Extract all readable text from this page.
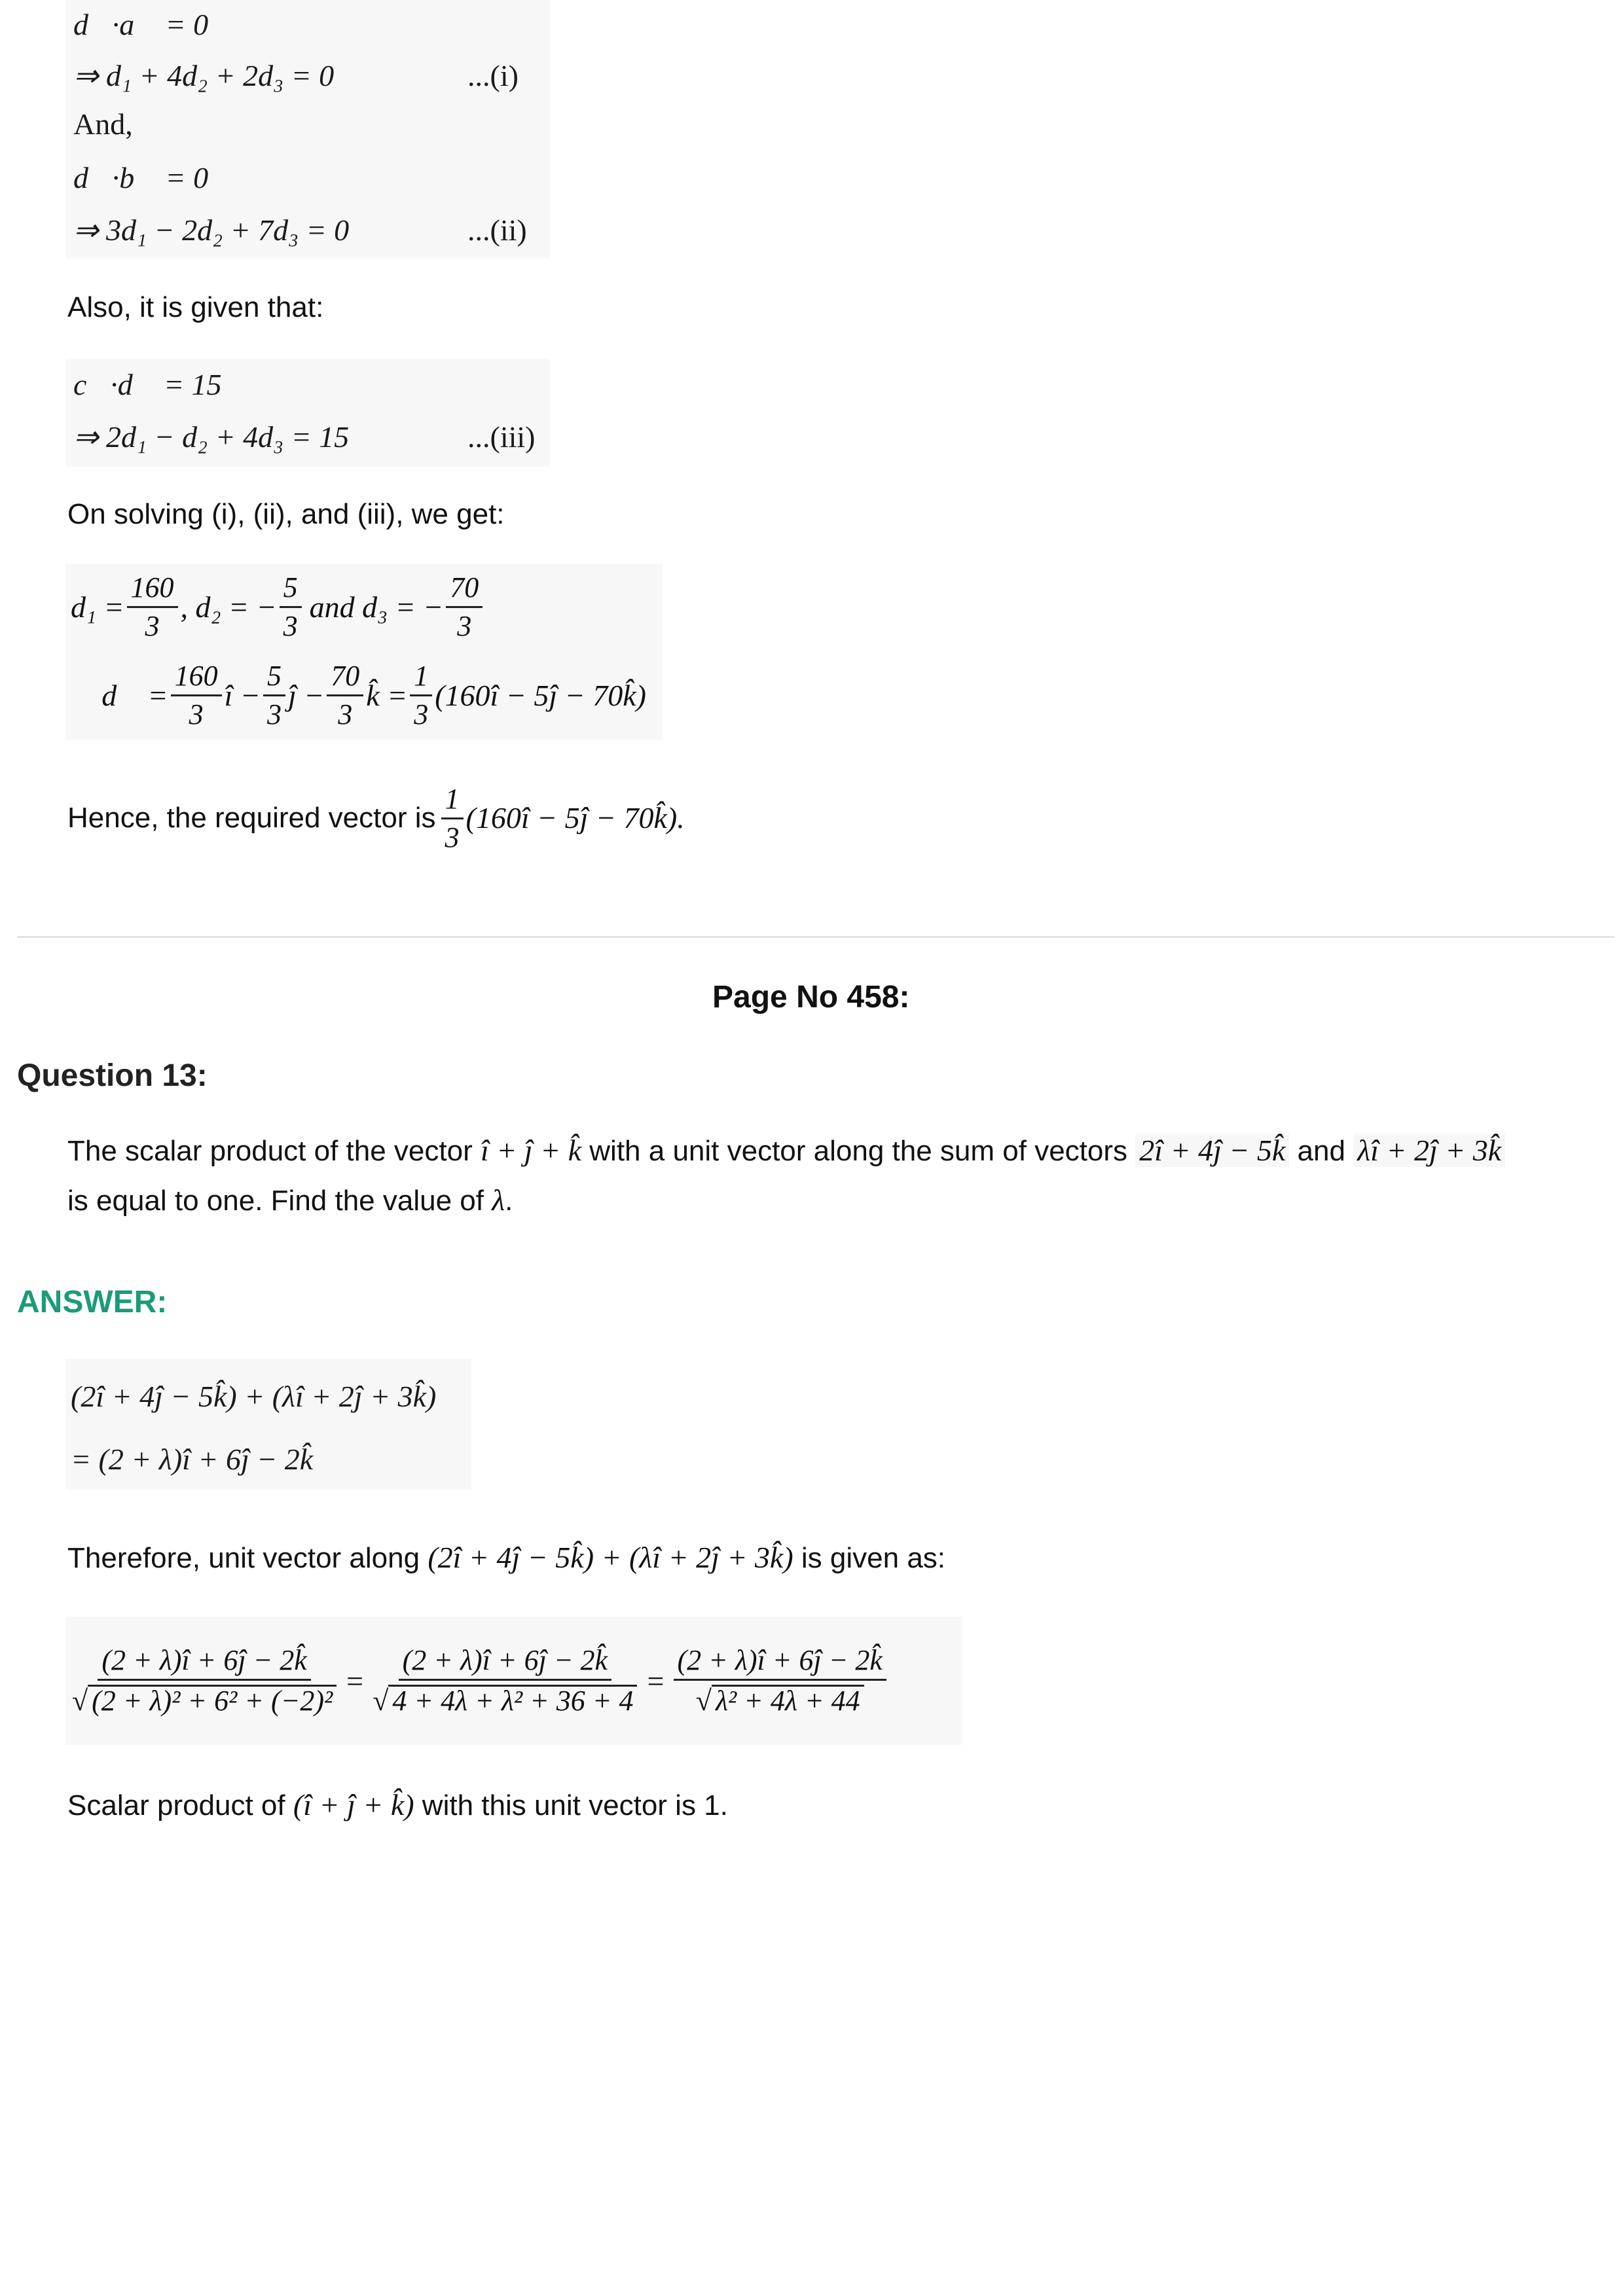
d⃗·a⃗ = 0
⇒ d₁ + 4d₂ + 2d₃ = 0	...(i)
And,
d⃗·b⃗ = 0
⇒ 3d₁ − 2d₂ + 7d₃ = 0	...(ii)
Also, it is given that:
c⃗·d⃗ = 15
⇒ 2d₁ − d₂ + 4d₃ = 15	...(iii)
On solving (i), (ii), and (iii), we get:
$d_1 = \frac{160}{3}$ , d₂ = − $\frac{5}{3}$ and d₃ = − $\frac{70}{3}$
∴ d⃗ = $\frac{160}{3}$ î − $\frac{5}{3}$ ĵ − $\frac{70}{3}$ k̂ = $\frac{1}{3}$ (160î − 5ĵ − 70k̂)
Hence, the required vector is $\frac{1}{3}$ (160î − 5ĵ − 70k̂).
Page No 458:
Question 13:
The scalar product of the vector î + ĵ + k̂ with a unit vector along the sum of vectors 2î + 4ĵ − 5k̂ and λî + 2ĵ + 3k̂
is equal to one. Find the value of λ.
ANSWER:
(2î + 4ĵ − 5k̂) + (λî + 2ĵ + 3k̂)
= (2 + λ)î + 6ĵ − 2k̂
Therefore, unit vector along (2î + 4ĵ − 5k̂) + (λî + 2ĵ + 3k̂) is given as:
$\frac{(2 + \lambda)î + 6ĵ - 2k̂}{\text{√ (2 + λ)² + 6² + (−2)²}} = \frac{(2 + \lambda)î + 6ĵ - 2k̂}{\text{√ 4 + 4λ + λ² + 36 + 4}} = \frac{(2 + \lambda)î + 6ĵ - 2k̂}{\text{√ λ² + 4λ + 44}}$
Scalar product of (î + ĵ + k̂) with this unit vector is 1.
